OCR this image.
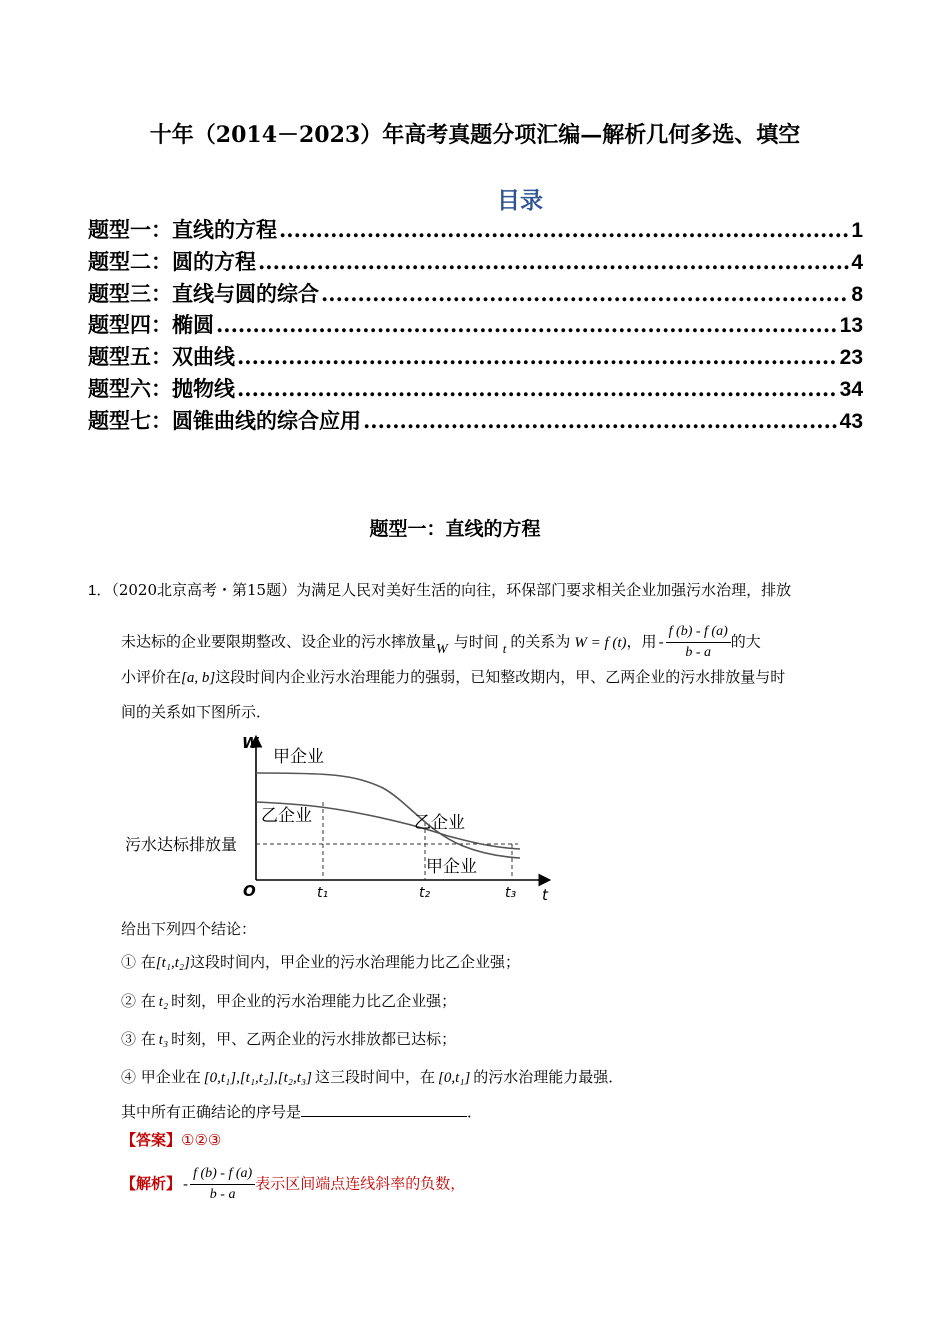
十年（2014－2023）年高考真题分项汇编—解析几何多选、填空
目录
题型一：直线的方程 .....	1
题型二：圆的方程 .....	4
题型三：直线与圆的综合 .....	8
题型四：椭圆 .....	13
题型五：双曲线 .....	23
题型六：抛物线 .....	34
题型七：圆锥曲线的综合应用 .....	43
题型一：直线的方程
1．（2020北京高考・第15题）为满足人民对美好生活的向往，环保部门要求相关企业加强污水治理，排放
未达标的企业要限期整改、设企业的污水摔放量W 与时间 t 的关系为 W = f (t)，用 - $\frac{f (b) - f (a)}{b - a}$ 的大
小评价在[a, b]这段时间内企业污水治理能力的强弱，已知整改期内，甲、乙两企业的污水排放量与时
间的关系如下图所示．
W
t
O	t₁	t₂	t₃
甲企业
乙企业	乙企业
甲企业
污水达标排放量
给出下列四个结论：
① 在[t₁,t₂]这段时间内，甲企业的污水治理能力比乙企业强；
② 在 t₂ 时刻，甲企业的污水治理能力比乙企业强；
③ 在 t₃ 时刻，甲、乙两企业的污水排放都已达标；
④ 甲企业在 [0,t₁],[t₁,t₂],[t₂,t₃] 这三段时间中，在 [0,t₁] 的污水治理能力最强．
其中所有正确结论的序号是	．
【答案】①②③
【解析】 - $\frac{f (b) - f (a)}{b - a}$ 表示区间端点连线斜率的负数，
